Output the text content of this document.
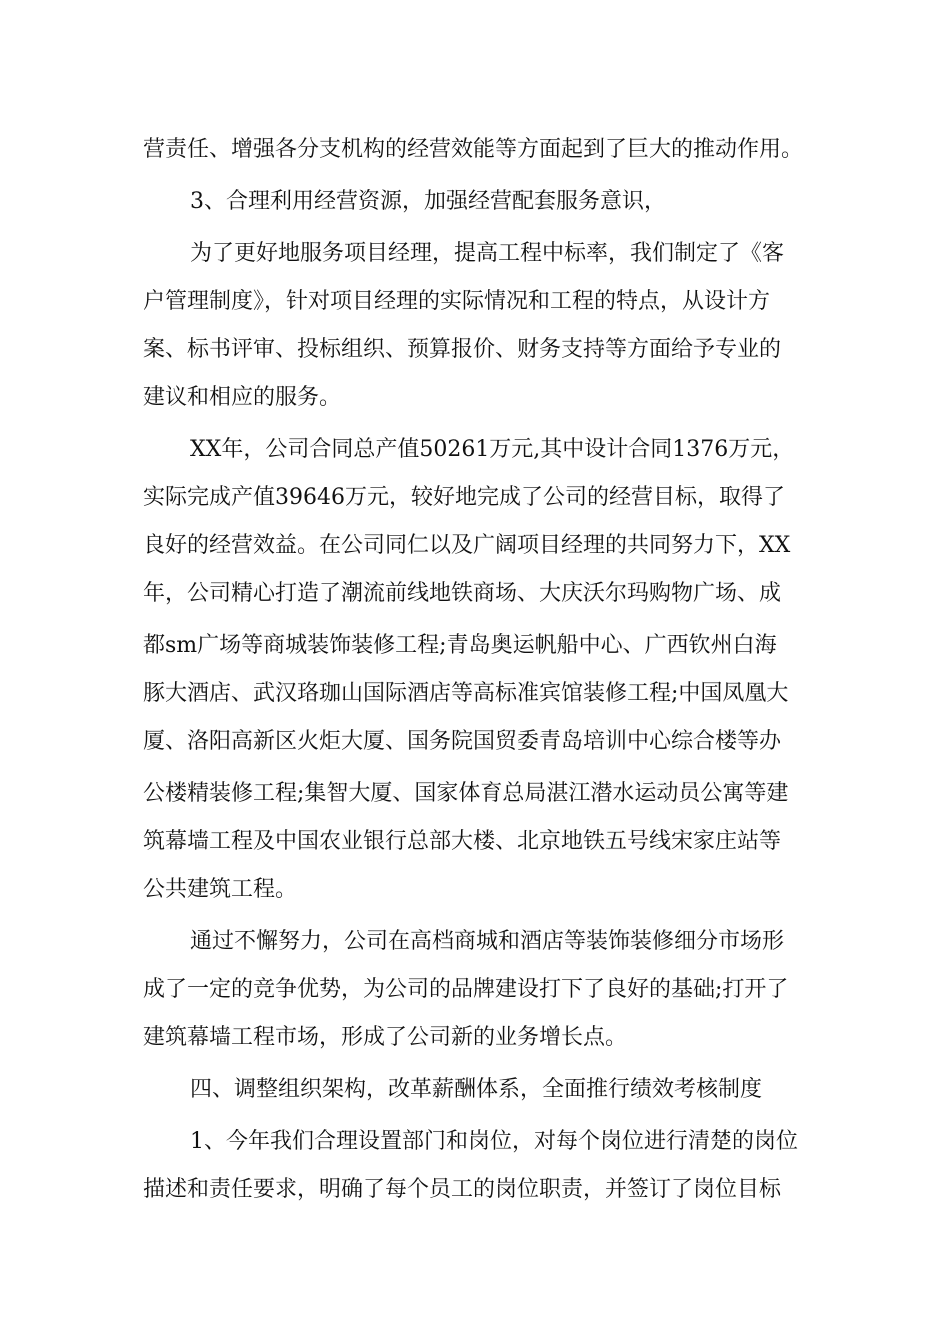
营责任、增强各分支机构的经营效能等方面起到了巨大的推动作用。
3、合理利用经营资源，加强经营配套服务意识，
为了更好地服务项目经理，提高工程中标率，我们制定了《客
户管理制度》，针对项目经理的实际情况和工程的特点，从设计方
案、标书评审、投标组织、预算报价、财务支持等方面给予专业的
建议和相应的服务。
XX年，公司合同总产值50261万元,其中设计合同1376万元，
实际完成产值39646万元，较好地完成了公司的经营目标，取得了
良好的经营效益。在公司同仁以及广阔项目经理的共同努力下，XX
年，公司精心打造了潮流前线地铁商场、大庆沃尔玛购物广场、成
都sm广场等商城装饰装修工程;青岛奥运帆船中心、广西钦州白海
豚大酒店、武汉珞珈山国际酒店等高标准宾馆装修工程;中国凤凰大
厦、洛阳高新区火炬大厦、国务院国贸委青岛培训中心综合楼等办
公楼精装修工程;集智大厦、国家体育总局湛江潜水运动员公寓等建
筑幕墙工程及中国农业银行总部大楼、北京地铁五号线宋家庄站等
公共建筑工程。
通过不懈努力，公司在高档商城和酒店等装饰装修细分市场形
成了一定的竞争优势，为公司的品牌建设打下了良好的基础;打开了
建筑幕墙工程市场，形成了公司新的业务增长点。
四、调整组织架构，改革薪酬体系，全面推行绩效考核制度
1、今年我们合理设置部门和岗位，对每个岗位进行清楚的岗位
描述和责任要求，明确了每个员工的岗位职责，并签订了岗位目标
